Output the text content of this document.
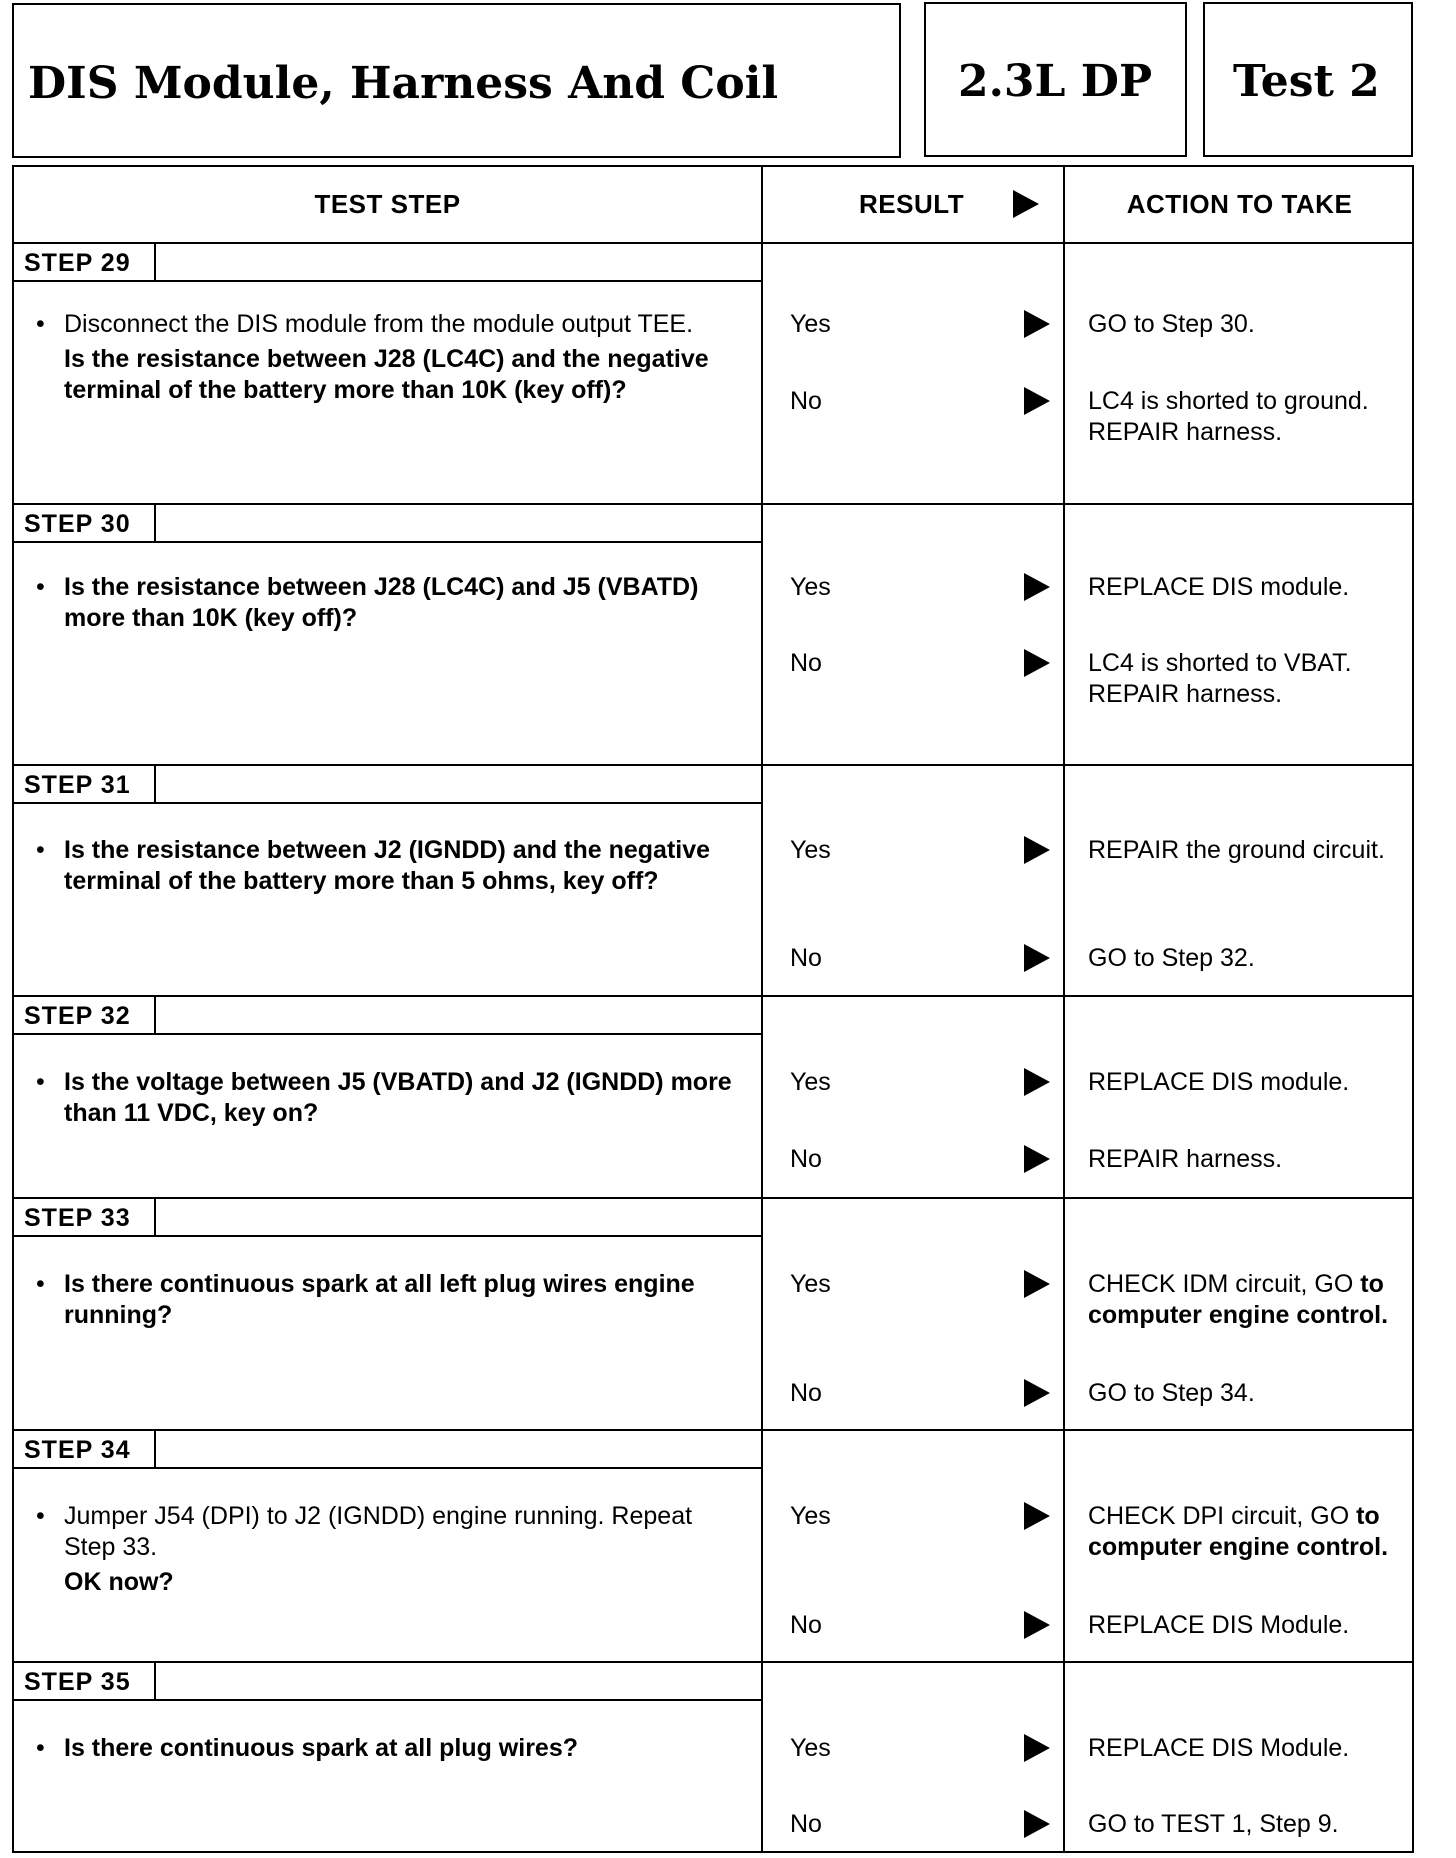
DIS Module, Harness And Coil	2.3L DP Test 2
TEST STEP	RESULT	ACTION TO TAKE
STEP 29
• Disconnect the DIS module from the module output TEE.

Is the resistance between J28 (LC4C) and the negative terminal of the battery more than 10K (key off)?

Yes	GO to Step 30.
No	LC4 is shorted to ground. REPAIR harness.
STEP 30
• Is the resistance between J28 (LC4C) and J5 (VBATD) more than 10K (key off)?

Yes	REPLACE DIS module.
No	LC4 is shorted to VBAT. REPAIR harness.
STEP 31
• Is the resistance between J2 (IGNDD) and the negative terminal of the battery more than 5 ohms, key off?

Yes	REPAIR the ground circuit.
No	GO to Step 32.
STEP 32
• Is the voltage between J5 (VBATD) and J2 (IGNDD) more than 11 VDC, key on?

Yes	REPLACE DIS module.
No	REPAIR harness.
STEP 33
• Is there continuous spark at all left plug wires engine running?

Yes	CHECK IDM circuit, GO to computer engine control.
No	GO to Step 34.
STEP 34
• Jumper J54 (DPI) to J2 (IGNDD) engine running. Repeat Step 33.

OK now?

Yes	CHECK DPI circuit, GO to computer engine control.
No	REPLACE DIS Module.
STEP 35
• Is there continuous spark at all plug wires?	Yes	REPLACE DIS Module.
No	GO to TEST 1, Step 9.
